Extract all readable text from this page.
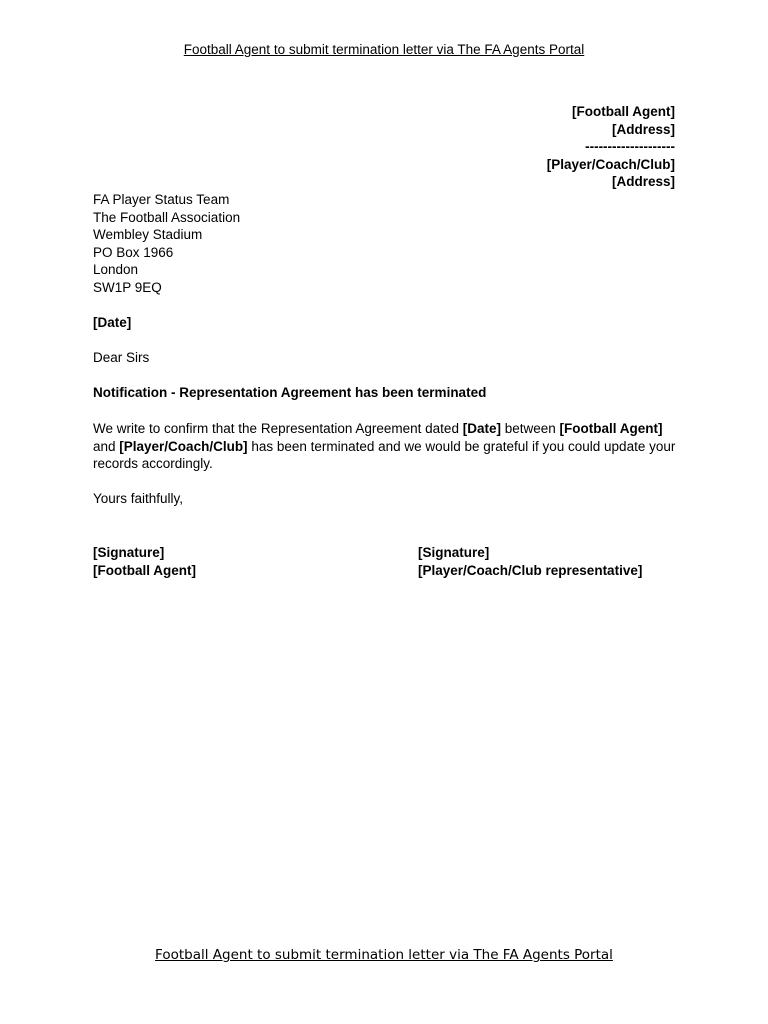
Football Agent to submit termination letter via The FA Agents Portal
[Football Agent]
[Address]
--------------------
[Player/Coach/Club]
[Address]
FA Player Status Team
The Football Association
Wembley Stadium
PO Box 1966
London
SW1P 9EQ
[Date]
Dear Sirs
Notification - Representation Agreement has been terminated
We write to confirm that the Representation Agreement dated [Date] between [Football Agent] and [Player/Coach/Club] has been terminated and we would be grateful if you could update your records accordingly.
Yours faithfully,
[Signature]
[Football Agent]
[Signature]
[Player/Coach/Club representative]
Football Agent to submit termination letter via The FA Agents Portal
